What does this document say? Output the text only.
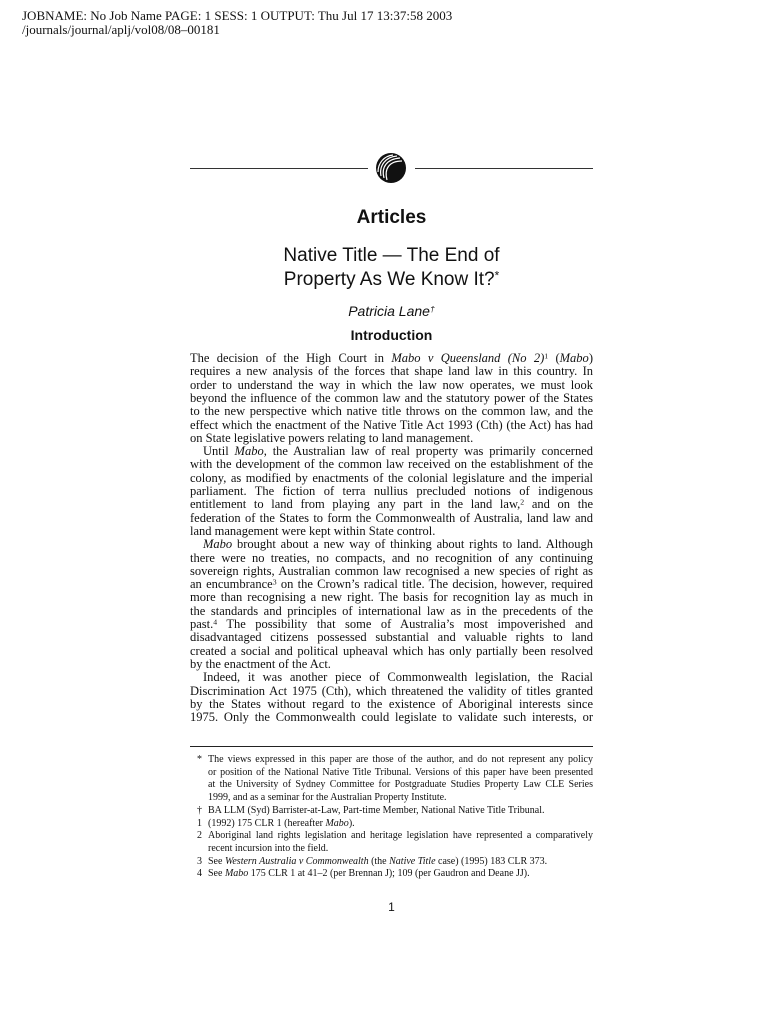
JOBNAME: No Job Name PAGE: 1 SESS: 1 OUTPUT: Thu Jul 17 13:37:58 2003
/journals/journal/aplj/vol08/08–00181
Articles
Native Title — The End of
Property As We Know It?*
Patricia Lane†
Introduction
The decision of the High Court in Mabo v Queensland (No 2)$^1$ (Mabo)
requires a new analysis of the forces that shape land law in this country. In
order to understand the way in which the law now operates, we must look
beyond the influence of the common law and the statutory power of the States
to the new perspective which native title throws on the common law, and the
effect which the enactment of the Native Title Act 1993 (Cth) (the Act) has had
on State legislative powers relating to land management.
Until Mabo, the Australian law of real property was primarily concerned
with the development of the common law received on the establishment of the
colony, as modified by enactments of the colonial legislature and the imperial
parliament. The fiction of terra nullius precluded notions of indigenous
entitlement to land from playing any part in the land law,$^2$ and on the
federation of the States to form the Commonwealth of Australia, land law and
land management were kept within State control.
Mabo brought about a new way of thinking about rights to land. Although
there were no treaties, no compacts, and no recognition of any continuing
sovereign rights, Australian common law recognised a new species of right as
an encumbrance$^3$ on the Crown’s radical title. The decision, however, required
more than recognising a new right. The basis for recognition lay as much in
the standards and principles of international law as in the precedents of the
past.$^4$ The possibility that some of Australia’s most impoverished and
disadvantaged citizens possessed substantial and valuable rights to land
created a social and political upheaval which has only partially been resolved
by the enactment of the Act.
Indeed, it was another piece of Commonwealth legislation, the Racial
Discrimination Act 1975 (Cth), which threatened the validity of titles granted
by the States without regard to the existence of Aboriginal interests since
1975. Only the Commonwealth could legislate to validate such interests, or
* The views expressed in this paper are those of the author, and do not represent any policy
or position of the National Native Title Tribunal. Versions of this paper have been presented
at the University of Sydney Committee for Postgraduate Studies Property Law CLE Series
1999, and as a seminar for the Australian Property Institute.
† BA LLM (Syd) Barrister-at-Law, Part-time Member, National Native Title Tribunal.
1 (1992) 175 CLR 1 (hereafter Mabo).
2 Aboriginal land rights legislation and heritage legislation have represented a comparatively
recent incursion into the field.
3 See Western Australia v Commonwealth (the Native Title case) (1995) 183 CLR 373.
4 See Mabo 175 CLR 1 at 41–2 (per Brennan J); 109 (per Gaudron and Deane JJ).
1
